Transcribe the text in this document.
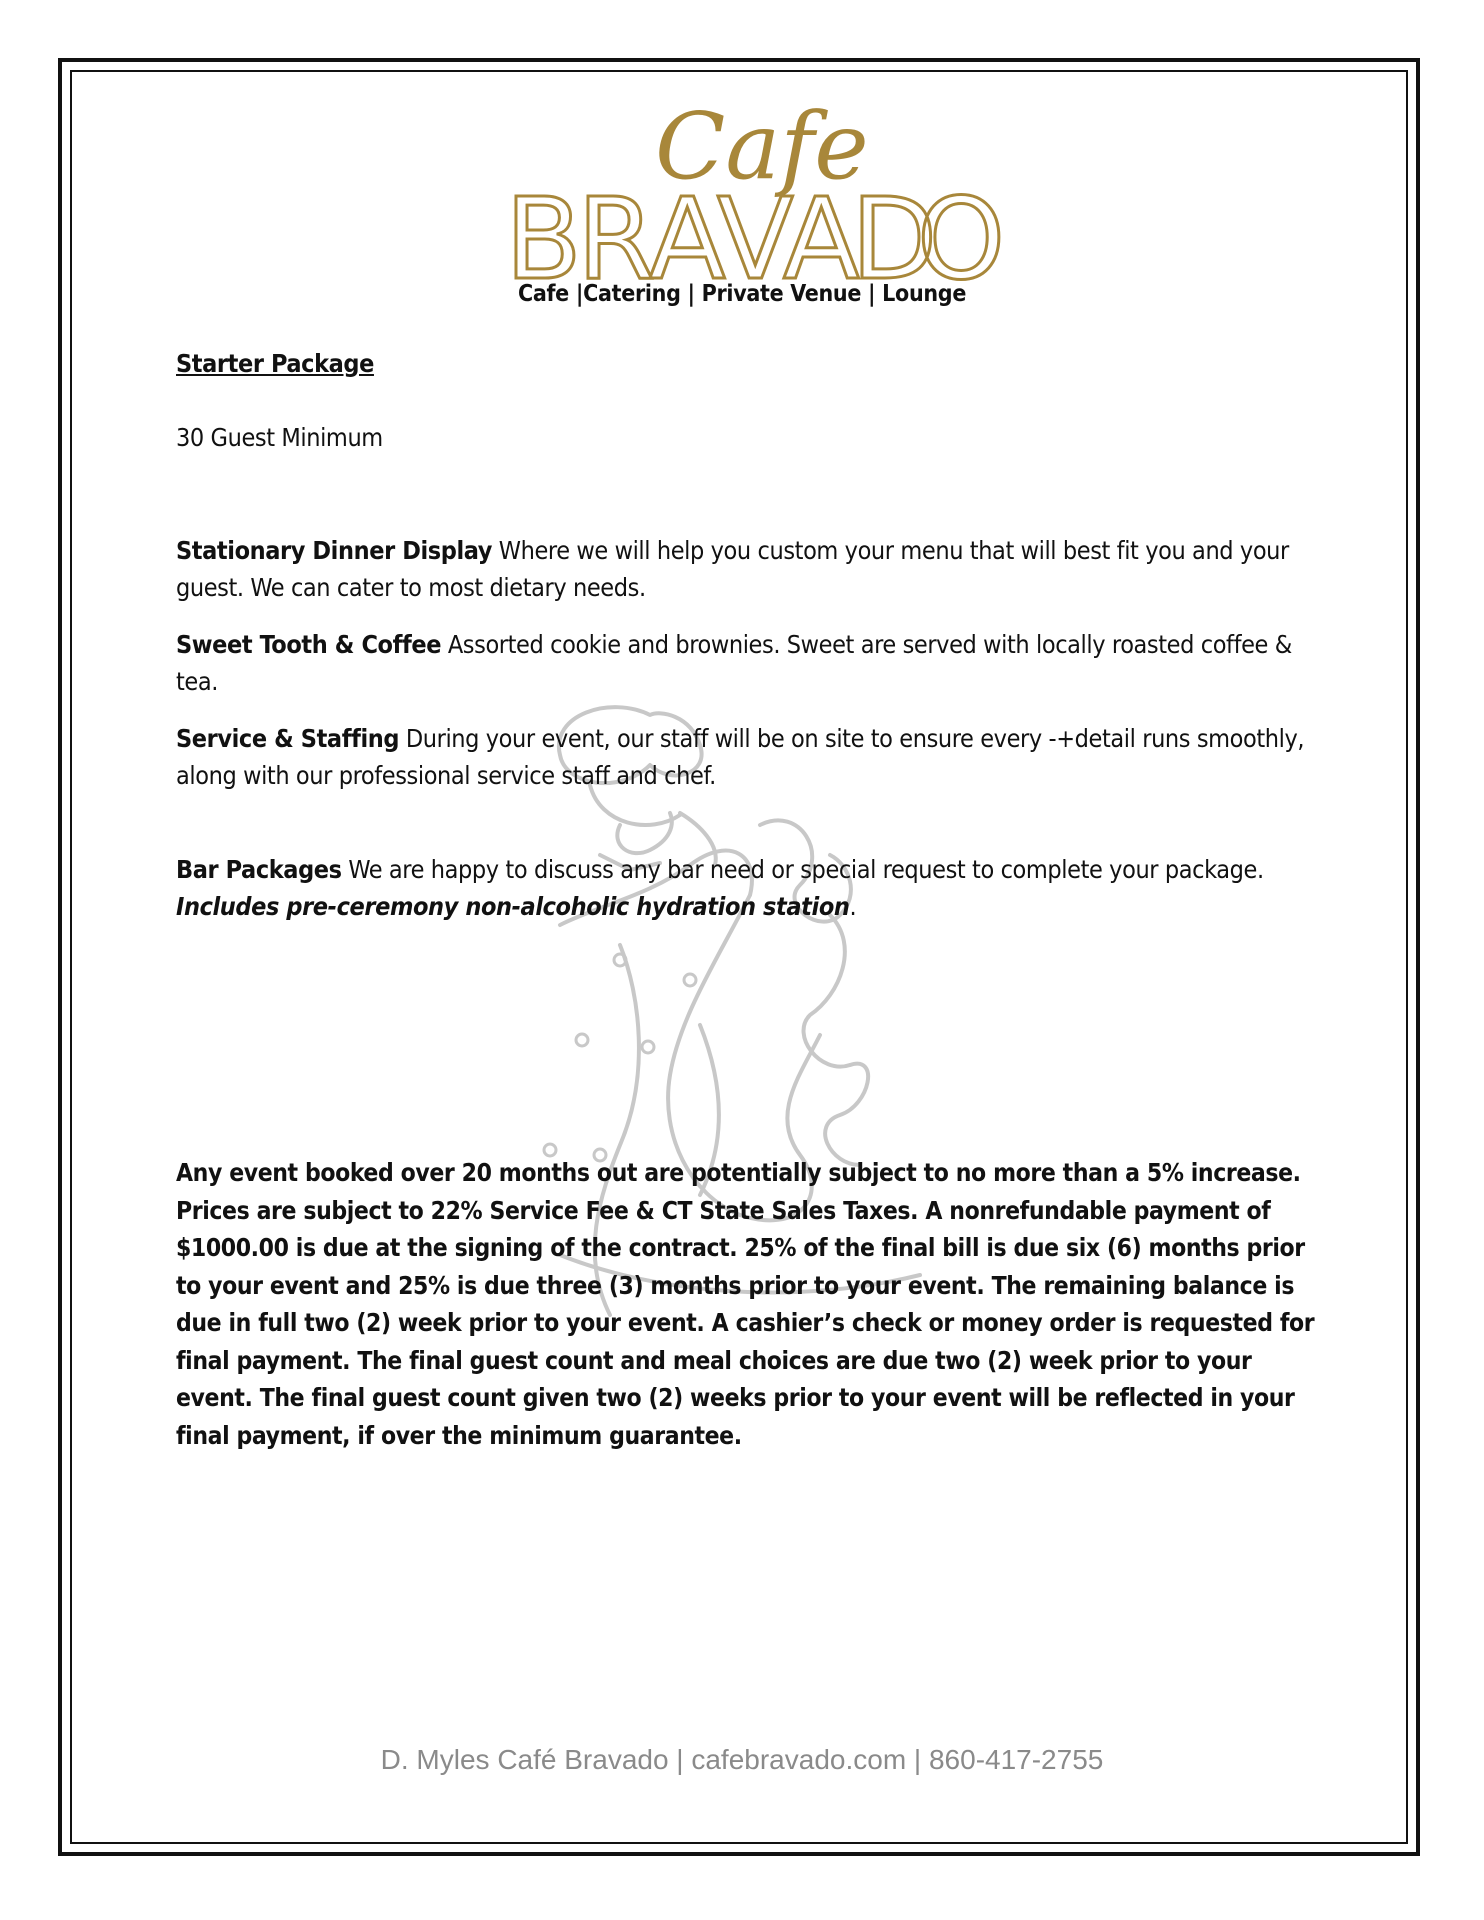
Cafe
B
R
A
V
A
D
O
Cafe |Catering | Private Venue | Lounge
Starter Package
30 Guest Minimum

Stationary Dinner Display Where we will help you custom your menu that will best fit you and your guest. We can cater to most dietary needs.

Sweet Tooth & Coffee Assorted cookie and brownies. Sweet are served with locally roasted coffee & tea.

Service & Staffing During your event, our staff will be on site to ensure every -+detail runs smoothly, along with our professional service staff and chef.

Bar Packages We are happy to discuss any bar need or special request to complete your package.
Includes pre-ceremony non-alcoholic hydration station.

Any event booked over 20 months out are potentially subject to no more than a 5% increase. Prices are subject to 22% Service Fee & CT State Sales Taxes. A nonrefundable payment of $1000.00 is due at the signing of the contract. 25% of the final bill is due six (6) months prior to your event and 25% is due three (3) months prior to your event. The remaining balance is due in full two (2) week prior to your event. A cashier’s check or money order is requested for final payment. The final guest count and meal choices are due two (2) week prior to your event. The final guest count given two (2) weeks prior to your event will be reflected in your final payment, if over the minimum guarantee.

D. Myles Café Bravado | cafebravado.com | 860-417-2755
